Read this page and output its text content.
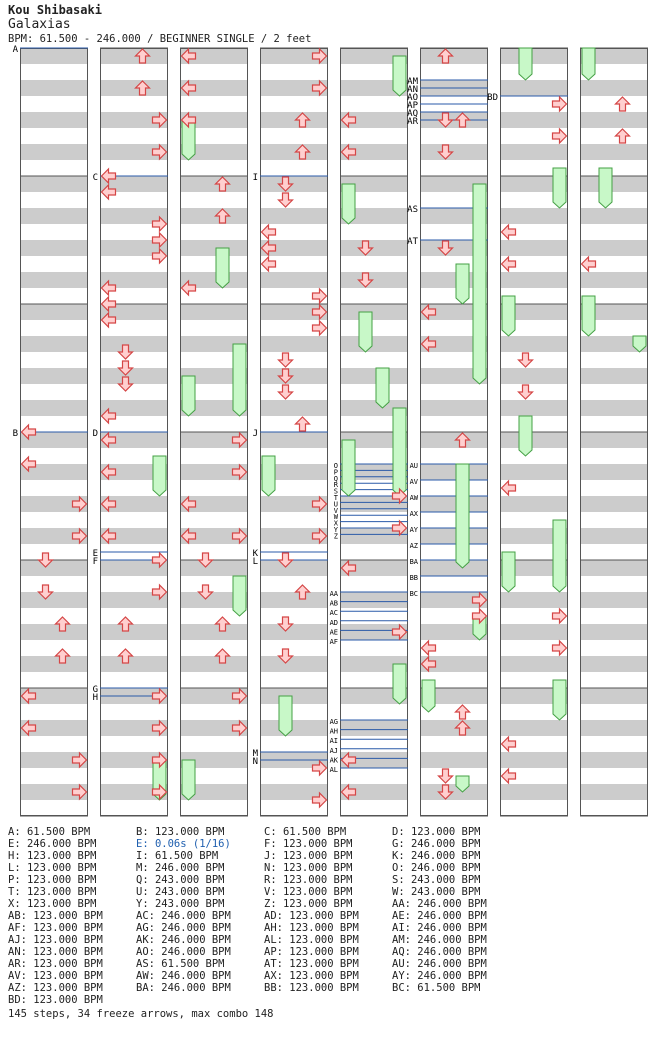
Kou Shibasaki
Galaxias
BPM: 61.500 - 246.000 / BEGINNER SINGLE / 2 feet
A
C	I
AM
AN
AO
AP
AQ
AR
AS
AT
BD
O
P
Q
R
S
T
U
V
W
X
Y
Z
AA
AB
AC
AD
AE
AF
AG
AH
AI
AJ
AK
AL
AU
AV
AW
AX
AY
AZ
BA
BB
BC
B	D
E
F
G
H
J
K
L
M
N
A: 61.500 BPM	B: 123.000 BPM	C: 61.500 BPM	D: 123.000 BPM
E: 246.000 BPM	E: 0.06s (1/16)	F: 123.000 BPM	G: 246.000 BPM
H: 123.000 BPM	I: 61.500 BPM	J: 123.000 BPM	K: 246.000 BPM
L: 123.000 BPM	M: 246.000 BPM	N: 123.000 BPM	O: 246.000 BPM
P: 123.000 BPM	Q: 243.000 BPM	R: 123.000 BPM	S: 243.000 BPM
T: 123.000 BPM	U: 243.000 BPM	V: 123.000 BPM	W: 243.000 BPM
X: 123.000 BPM	Y: 243.000 BPM	Z: 123.000 BPM	AA: 246.000 BPM
AB: 123.000 BPM	AC: 246.000 BPM	AD: 123.000 BPM	AE: 246.000 BPM
AF: 123.000 BPM	AG: 246.000 BPM	AH: 123.000 BPM	AI: 246.000 BPM
AJ: 123.000 BPM	AK: 246.000 BPM	AL: 123.000 BPM	AM: 246.000 BPM
AN: 123.000 BPM	AO: 246.000 BPM	AP: 123.000 BPM	AQ: 246.000 BPM
AR: 123.000 BPM	AS: 61.500 BPM	AT: 123.000 BPM	AU: 246.000 BPM
AV: 123.000 BPM	AW: 246.000 BPM	AX: 123.000 BPM	AY: 246.000 BPM
AZ: 123.000 BPM	BA: 246.000 BPM	BB: 123.000 BPM	BC: 61.500 BPM
BD: 123.000 BPM
145 steps, 34 freeze arrows, max combo 148
